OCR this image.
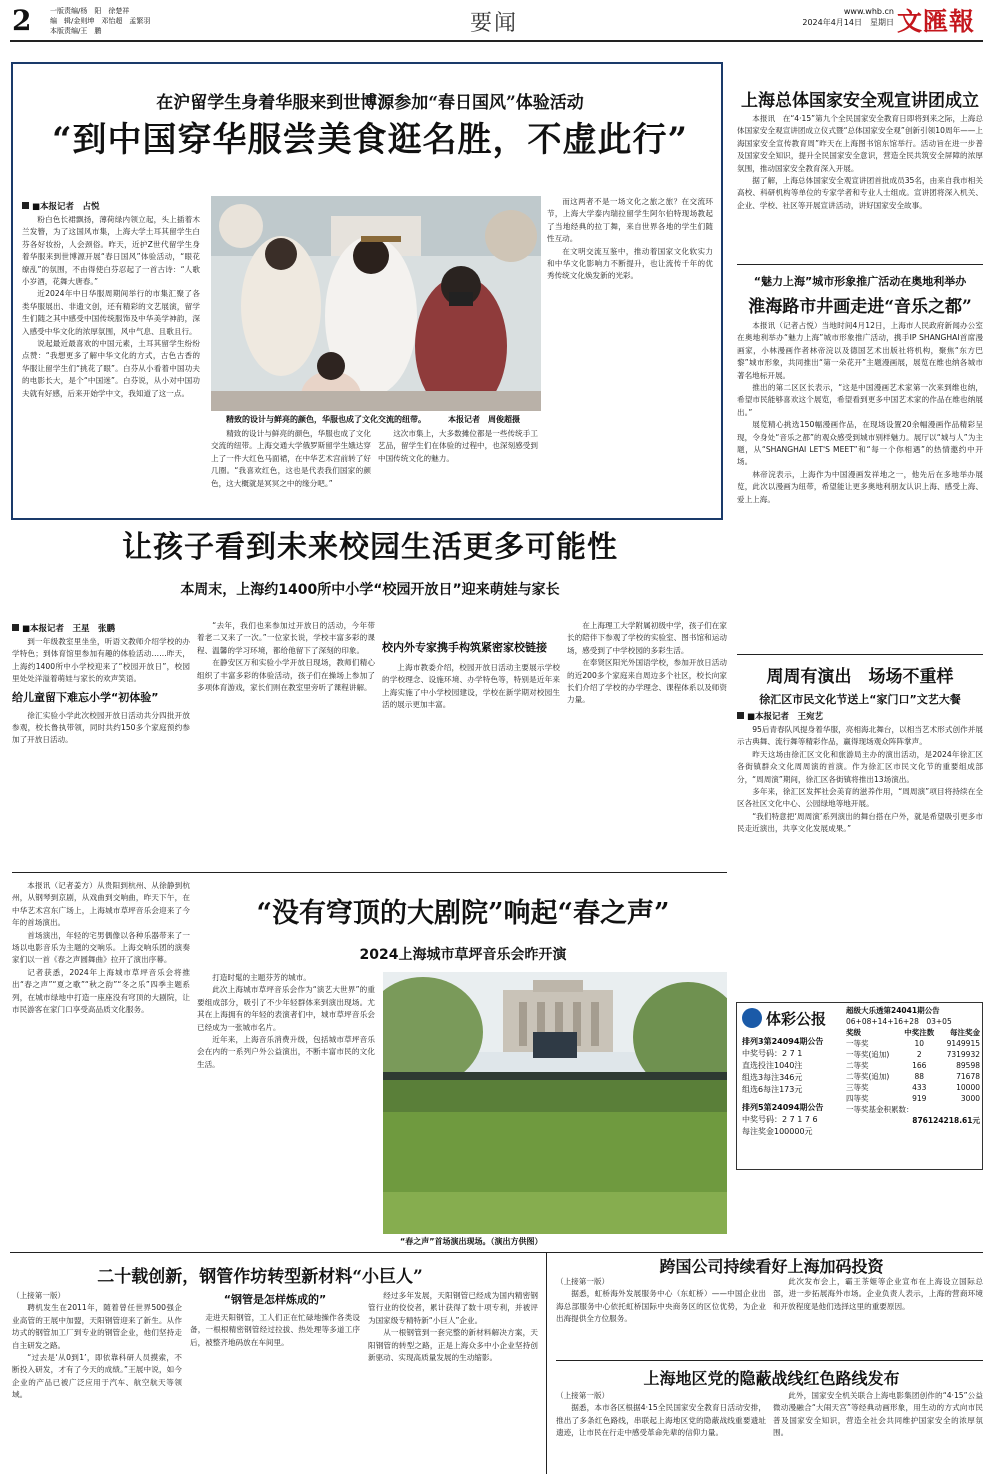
2	一版责编/杨　阳　徐楚祥
编　辑/金则坤　邓怡超　孟繁羽
本版责编/王　鹏	要闻	www.whb.cn
2024年4月14日　星期日 文匯報
在沪留学生身着华服来到世博源参加“春日国风”体验活动
“到中国穿华服尝美食逛名胜，不虚此行”
■本报记者　占悦

粉白色长裙飘扬，薄荷绿内领立起，头上插着木兰发簪，为了这国风市集，上海大学土耳其留学生白芬各好妆扮，人会颈俗。昨天，近护Z世代留学生身着华服来到世博源开展“春日国风”体验活动，“眼花缭乱”的氛围，不由得使白芬忍起了一首古诗：“人歌小岁酒，花舞大唐春。”

近2024年中日华服周期间举行的市集汇聚了各类华服展出、非遗文创，还有精彩的文艺展演，留学生们随之其中感受中国传统服饰及中华美学神韵，深入感受中华文化的浓厚氛围，风中气息、且歌且行。

说起最近最喜欢的中国元素，土耳其留学生纷纷点赞：“我想更多了解中华文化的方式，古色古香的华服让留学生们“挑花了眼”。白芬从小看着中国功夫的电影长大，是个“中国迷”。白芬说，从小对中国功夫就有好感，后来开始学中文，我知道了这一点。

精致的设计与鲜亮的颜色，华服也成了文化交流的纽带。	本报记者　周俊超摄

精致的设计与鲜亮的颜色，华服也成了文化交流的纽带。上海交通大学俄罗斯留学生娥达穿上了一件大红色马面裙，在中华艺术宫前转了好几圈。“我喜欢红色，这也是代表我们国家的颜色，这大概就是冥冥之中的缘分吧。”

这次市集上，大多数摊位都是一些传统手工艺品，留学生们在体验的过程中，也深刻感受到中国传统文化的魅力。

而这两者不是一场文化之旅之旅？在交流环节，上海大学泰内瑞拉留学生阿尔伯特现场教起了当地经典的拉丁舞，来自世界各地的学生们随性互动。

在文明交流互鉴中，推动着国家文化软实力和中华文化影响力不断提升，也让流传千年的优秀传统文化焕发新的光彩。

上海总体国家安全观宣讲团成立

本报讯　在“4·15”第九个全民国家安全教育日即将到来之际，上海总体国家安全观宣讲团成立仪式暨“总体国家安全观”创新引领10周年——上海国家安全宣传教育周”昨天在上海图书馆东馆举行。活动旨在进一步普及国家安全知识，提升全民国家安全意识，营造全民共筑安全屏障的浓厚氛围，推动国家安全教育深入开展。

据了解，上海总体国家安全观宣讲团首批成员35名，由来自我市相关高校、科研机构等单位的专家学者和专业人士组成。宣讲团将深入机关、企业、学校、社区等开展宣讲活动，讲好国家安全故事。

“魅力上海”城市形象推广活动在奥地利举办
淮海路市井画走进“音乐之都”

本报讯（记者占悦）当地时间4月12日，上海市人民政府新闻办公室在奥地利举办“魅力上海”城市形象推广活动，携手IP SHANGHAI首席漫画家，小林漫画作者林帝浣以及德国艺术出版社将机构，聚焦“东方巴黎”城市形象，共同推出“第一朵花开”主题漫画展，展览在维也纳各城市著名地标开展。

推出的第二区区长表示，“这是中国漫画艺术家第一次来到维也纳，希望市民能够喜欢这个展览，希望看到更多中国艺术家的作品在维也纳展出。”

展览精心挑选150幅漫画作品，在现场设置20余幅漫画作品精彩呈现，令身处“音乐之都”的观众感受到城市别样魅力。展厅以“城与人”为主题，从“SHANGHAI LET'S MEET”和“每一个你相遇”的热情邀约中开场。

林帝浣表示，上海作为中国漫画发祥地之一，他先后在多地举办展览，此次以漫画为纽带，希望能让更多奥地利朋友认识上海、感受上海、爱上上海。

周周有演出　场场不重样
徐汇区市民文化节送上“家门口”文艺大餐
■本报记者　王宛艺

95后青春队风提身着华服，亮相海北舞台，以相当艺术形式创作并展示古典舞、流行舞等精彩作品，赢得现场观众阵阵掌声。

昨天这场由徐汇区文化和旅游局主办的演出活动，是2024年徐汇区各街镇群众文化周周演的首演。作为徐汇区市民文化节的重要组成部分，“周周演”期间，徐汇区各街镇将推出13场演出。

多年来，徐汇区发挥社会美育的滋养作用，“周周演”项目将持续在全区各社区文化中心、公园绿地等地开展。

“我们特意把‘周周演’系列演出的舞台搭在户外，就是希望吸引更多市民走近演出，共享文化发展成果。”

让孩子看到未来校园生活更多可能性
本周末，上海约1400所中小学“校园开放日”迎来萌娃与家长
■本报记者　王星　张鹏

到一年级教室里坐坐，听语文教师介绍学校的办学特色；到体育馆里参加有趣的体验活动……昨天，上海约1400所中小学校迎来了“校园开放日”，校园里处处洋溢着萌娃与家长的欢声笑语。

给儿童留下难忘小学“初体验”

徐汇实验小学此次校园开放日活动共分四批开放参观，校长鲁执带领，同时共约150多个家庭预约参加了开放日活动。

“去年，我们也来参加过开放日的活动，今年带着老二又来了一次。”一位家长说，学校丰富多彩的课程、温馨的学习环境，都给他留下了深刻的印象。

在静安区万和实验小学开放日现场，教师们精心组织了丰富多彩的体验活动，孩子们在操场上参加了多项体育游戏，家长们则在教室里旁听了课程讲解。

校内外专家携手构筑紧密家校链接

上海市教委介绍，校园开放日活动主要展示学校的学校理念、设施环境、办学特色等，特别是近年来上海实施了中小学校园建设，学校在新学期对校园生活的展示更加丰富。

在上海理工大学附属初级中学，孩子们在家长的陪伴下参观了学校的实验室、图书馆和运动场，感受到了中学校园的多彩生活。

在奉贤区阳光外国语学校，参加开放日活动的近200多个家庭来自周边多个社区，校长向家长们介绍了学校的办学理念、课程体系以及师资力量。

本报讯（记者姜方）从贵阳到杭州、从徐静到杭州，从钢琴到京剧，从戏曲到交响曲，昨天下午，在中华艺术宫东广场上，上海城市草坪音乐会迎来了今年的首场演出。

首场演出，年轻的宅男偶像以各种乐器带来了一场以电影音乐为主题的交响乐。上海交响乐团的演奏家们以一首《春之声圆舞曲》拉开了演出序幕。

记者获悉，2024年上海城市草坪音乐会将推出“春之声”“夏之歌”“秋之韵”“冬之乐”四季主题系列，在城市绿地中打造一座座没有穹顶的大剧院，让市民游客在家门口享受高品质文化服务。

“没有穹顶的大剧院”响起“春之声”
2024上海城市草坪音乐会昨开演

打造时髦的主题芬芳的城市。

此次上海城市草坪音乐会作为“演艺大世界”的重要组成部分，吸引了不少年轻群体来到演出现场。尤其在上海拥有的年轻的表演者们中，城市草坪音乐会已经成为一张城市名片。

近年来，上海音乐消费升级，包括城市草坪音乐会在内的一系列户外公益演出，不断丰富市民的文化生活。

“春之声”首场演出现场。（演出方供图）
体彩公报
排列3第24094期公告
中奖号码：2 7 1
直选投注1040注
组选3每注346元
组选6每注173元
排列5第24094期公告
中奖号码：2 7 1 7 6
每注奖金100000元
超级大乐透第24041期公告
06+08+14+16+28　03+05
奖级	中奖注数	每注奖金
一等奖	10	9149915
一等奖(追加)	2	7319932
二等奖	166	89598
二等奖(追加)	88	71678
三等奖	433	10000
四等奖	919	3000
一等奖基金积累数：
876124218.61元
二十载创新，钢管作坊转型新材料“小巨人”

（上接第一版）

聘机发生在2011年，随着曾任世界500强企业高管的王展中加盟，天阳钢管迎来了新生。从作坊式的钢管加工厂到专业的钢管企业，他们坚持走自主研发之路。

“过去是‘从0到1’，即依靠科研人员摸索，不断投入研发，才有了今天的成绩。”王展中说，如今企业的产品已被广泛应用于汽车、航空航天等领域。

“钢管是怎样炼成的”

走进天阳钢管，工人们正在忙碌地操作各类设备，一根根精密钢管经过拉拔、热处理等多道工序后，被整齐地码放在车间里。

经过多年发展，天阳钢管已经成为国内精密钢管行业的佼佼者，累计获得了数十项专利，并被评为国家级专精特新“小巨人”企业。

从一根钢管到一套完整的新材料解决方案，天阳钢管的转型之路，正是上海众多中小企业坚持创新驱动、实现高质量发展的生动缩影。

跨国公司持续看好上海加码投资

（上接第一版）

据悉，虹桥海外发展服务中心（东虹桥）——中国企业出海总部服务中心依托虹桥国际中央商务区的区位优势，为企业出海提供全方位服务。

此次发布会上，霸王茶姬等企业宣布在上海设立国际总部，进一步拓展海外市场。企业负责人表示，上海的营商环境和开放程度是他们选择这里的重要原因。

上海地区党的隐蔽战线红色路线发布

（上接第一版）

据悉，本市各区根据4·15全民国家安全教育日活动安排，推出了多条红色路线，串联起上海地区党的隐蔽战线重要遗址遗迹，让市民在行走中感受革命先辈的信仰力量。

此外，国家安全机关联合上海电影集团创作的“4·15”公益微动漫融合“大闹天宫”等经典动画形象，用生动的方式向市民普及国家安全知识，营造全社会共同维护国家安全的浓厚氛围。
